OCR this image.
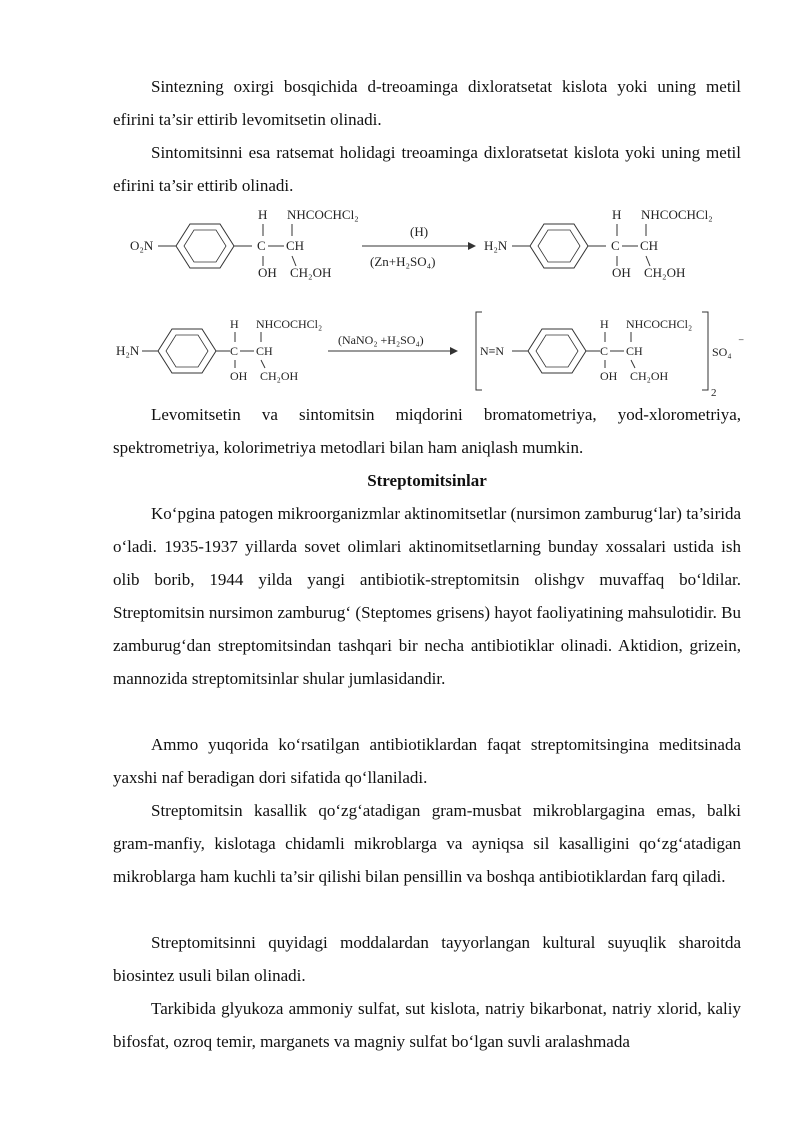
Sintezning oxirgi bosqichida d-treoaminga dixloratsetat kislota yoki uning metil efirini ta’sir ettirib levomitsetin olinadi.

Sintomitsinni esa ratsemat holidagi treoaminga dixloratsetat kislota yoki uning metil efirini ta’sir ettirib olinadi.

O₂N
H NHCOCHCl₂
C CH
OH CH₂OH
(H)
(Zn+H₂SO₄)
H₂N
H NHCOCHCl₂
C CH
OH CH₂OH
H₂N
H NHCOCHCl₂
C CH
OH CH₂OH
(NaNO₂ +H₂SO₄)
N≡N
H NHCOCHCl₂
C CH
OH CH₂OH
SO₄
⁻
2

Levomitsetin va sintomitsin miqdorini bromatometriya, yod-xlorometriya, spektrometriya, kolorimetriya metodlari bilan ham aniqlash mumkin.

Streptomitsinlar

Ko‘pgina patogen mikroorganizmlar aktinomitsetlar (nursimon zamburug‘lar) ta’sirida o‘ladi. 1935-1937 yillarda sovet olimlari aktinomitsetlarning bunday xossalari ustida ish olib borib, 1944 yilda yangi antibiotik-streptomitsin olishgv muvaffaq bo‘ldilar. Streptomitsin nursimon zamburug‘ (Steptomes grisens) hayot faoliyatining mahsulotidir. Bu zamburug‘dan streptomitsindan tashqari bir necha antibiotiklar olinadi. Aktidion, grizein, mannozida streptomitsinlar shular jumlasidandir.

Ammo yuqorida ko‘rsatilgan antibiotiklardan faqat streptomitsingina meditsinada yaxshi naf beradigan dori sifatida qo‘llaniladi.

Streptomitsin kasallik qo‘zg‘atadigan gram-musbat mikroblargagina emas, balki gram-manfiy, kislotaga chidamli mikroblarga va ayniqsa sil kasalligini qo‘zg‘atadigan mikroblarga ham kuchli ta’sir qilishi bilan pensillin va boshqa antibiotiklardan farq qiladi.

Streptomitsinni quyidagi moddalardan tayyorlangan kultural suyuqlik sharoitda biosintez usuli bilan olinadi.

Tarkibida glyukoza ammoniy sulfat, sut kislota, natriy bikarbonat, natriy xlorid, kaliy bifosfat, ozroq temir, marganets va magniy sulfat bo‘lgan suvli aralashmada
